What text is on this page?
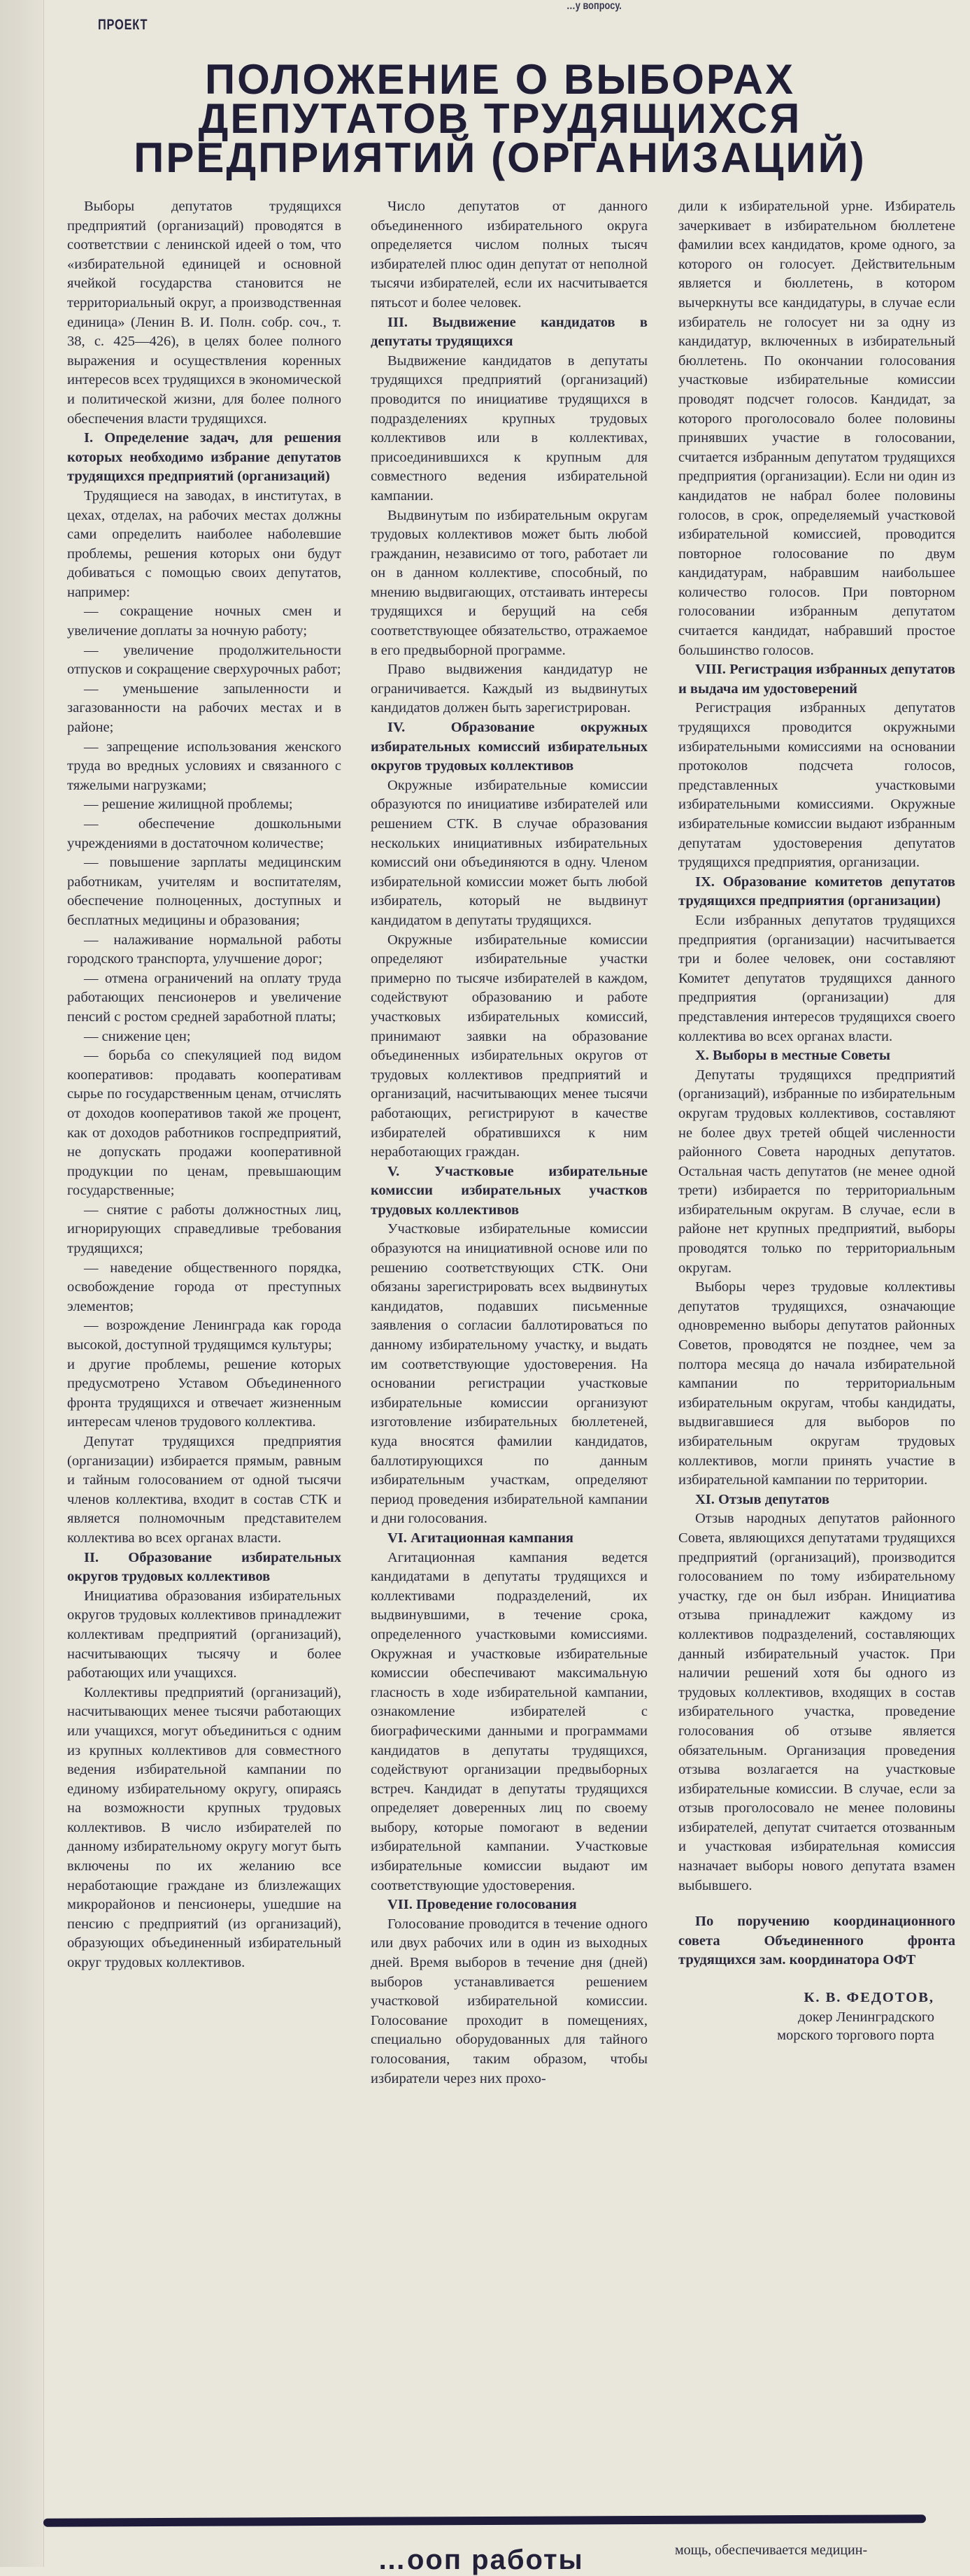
…у вопросу.
ПРОЕКТ
ПОЛОЖЕНИЕ О ВЫБОРАХ
ДЕПУТАТОВ ТРУДЯЩИХСЯ
ПРЕДПРИЯТИЙ (ОРГАНИЗАЦИЙ)

Выборы депутатов трудящихся предприятий (организаций) проводятся в соответствии с ленинской идеей о том, что «избирательной единицей и основной ячейкой государства становится не территориальный округ, а производственная единица» (Ленин В. И. Полн. собр. соч., т. 38, с. 425—426), в целях более полного выражения и осуществления коренных интересов всех трудящихся в экономической и политической жизни, для более полного обеспечения власти трудящихся.

I. Определение задач, для решения которых необходимо избрание депутатов трудящихся предприятий (организаций)

Трудящиеся на заводах, в институтах, в цехах, отделах, на рабочих местах должны сами определить наиболее наболевшие проблемы, решения которых они будут добиваться с помощью своих депутатов, например:

— сокращение ночных смен и увеличение доплаты за ночную работу;

— увеличение продолжительности отпусков и сокращение сверхурочных работ;

— уменьшение запыленности и загазованности на рабочих местах и в районе;

— запрещение использования женского труда во вредных условиях и связанного с тяжелыми нагрузками;

— решение жилищной проблемы;

— обеспечение дошкольными учреждениями в достаточном количестве;

— повышение зарплаты медицинским работникам, учителям и воспитателям, обеспечение полноценных, доступных и бесплатных медицины и образования;

— налаживание нормальной работы городского транспорта, улучшение дорог;

— отмена ограничений на оплату труда работающих пенсионеров и увеличение пенсий с ростом средней заработной платы;

— снижение цен;

— борьба со спекуляцией под видом кооперативов: продавать кооперативам сырье по государственным ценам, отчислять от доходов кооперативов такой же процент, как от доходов работников госпредприятий, не допускать продажи кооперативной продукции по ценам, превышающим государственные;

— снятие с работы должностных лиц, игнорирующих справедливые требования трудящихся;

— наведение общественного порядка, освобождение города от преступных элементов;

— возрождение Ленинграда как города высокой, доступной трудящимся культуры;

и другие проблемы, решение которых предусмотрено Уставом Объединенного фронта трудящихся и отвечает жизненным интересам членов трудового коллектива.

Депутат трудящихся предприятия (организации) избирается прямым, равным и тайным голосованием от одной тысячи членов коллектива, входит в состав СТК и является полномочным представителем коллектива во всех органах власти.

II. Образование избирательных округов трудовых коллективов

Инициатива образования избирательных округов трудовых коллективов принадлежит коллективам предприятий (организаций), насчитывающих тысячу и более работающих или учащихся.

Коллективы предприятий (организаций), насчитывающих менее тысячи работающих или учащихся, могут объединиться с одним из крупных коллективов для совместного ведения избирательной кампании по единому избирательному округу, опираясь на возможности крупных трудовых коллективов. В число избирателей по данному избирательному округу могут быть включены по их желанию все неработающие граждане из близлежащих микрорайонов и пенсионеры, ушедшие на пенсию с предприятий (из организаций), образующих объединенный избирательный округ трудовых коллективов.

Число депутатов от данного объединенного избирательного округа определяется числом полных тысяч избирателей плюс один депутат от неполной тысячи избирателей, если их насчитывается пятьсот и более человек.

III. Выдвижение кандидатов в депутаты трудящихся

Выдвижение кандидатов в депутаты трудящихся предприятий (организаций) проводится по инициативе трудящихся в подразделениях крупных трудовых коллективов или в коллективах, присоединившихся к крупным для совместного ведения избирательной кампании.

Выдвинутым по избирательным округам трудовых коллективов может быть любой гражданин, независимо от того, работает ли он в данном коллективе, способный, по мнению выдвигающих, отстаивать интересы трудящихся и берущий на себя соответствующее обязательство, отражаемое в его предвыборной программе.

Право выдвижения кандидатур не ограничивается. Каждый из выдвинутых кандидатов должен быть зарегистрирован.

IV. Образование окружных избирательных комиссий избирательных округов трудовых коллективов

Окружные избирательные комиссии образуются по инициативе избирателей или решением СТК. В случае образования нескольких инициативных избирательных комиссий они объединяются в одну. Членом избирательной комиссии может быть любой избиратель, который не выдвинут кандидатом в депутаты трудящихся.

Окружные избирательные комиссии определяют избирательные участки примерно по тысяче избирателей в каждом, содействуют образованию и работе участковых избирательных комиссий, принимают заявки на образование объединенных избирательных округов от трудовых коллективов предприятий и организаций, насчитывающих менее тысячи работающих, регистрируют в качестве избирателей обратившихся к ним неработающих граждан.

V. Участковые избирательные комиссии избирательных участков трудовых коллективов

Участковые избирательные комиссии образуются на инициативной основе или по решению соответствующих СТК. Они обязаны зарегистрировать всех выдвинутых кандидатов, подавших письменные заявления о согласии баллотироваться по данному избирательному участку, и выдать им соответствующие удостоверения. На основании регистрации участковые избирательные комиссии организуют изготовление избирательных бюллетеней, куда вносятся фамилии кандидатов, баллотирующихся по данным избирательным участкам, определяют период проведения избирательной кампании и дни голосования.

VI. Агитационная кампания

Агитационная кампания ведется кандидатами в депутаты трудящихся и коллективами подразделений, их выдвинувшими, в течение срока, определенного участковыми комиссиями. Окружная и участковые избирательные комиссии обеспечивают максимальную гласность в ходе избирательной кампании, ознакомление избирателей с биографическими данными и программами кандидатов в депутаты трудящихся, содействуют организации предвыборных встреч. Кандидат в депутаты трудящихся определяет доверенных лиц по своему выбору, которые помогают в ведении избирательной кампании. Участковые избирательные комиссии выдают им соответствующие удостоверения.

VII. Проведение голосования

Голосование проводится в течение одного или двух рабочих или в один из выходных дней. Время выборов в течение дня (дней) выборов устанавливается решением участковой избирательной комиссии. Голосование проходит в помещениях, специально оборудованных для тайного голосования, таким образом, чтобы избиратели через них прохо-

дили к избирательной урне. Избиратель зачеркивает в избирательном бюллетене фамилии всех кандидатов, кроме одного, за которого он голосует. Действительным является и бюллетень, в котором вычеркнуты все кандидатуры, в случае если избиратель не голосует ни за одну из кандидатур, включенных в избирательный бюллетень. По окончании голосования участковые избирательные комиссии проводят подсчет голосов. Кандидат, за которого проголосовало более половины принявших участие в голосовании, считается избранным депутатом трудящихся предприятия (организации). Если ни один из кандидатов не набрал более половины голосов, в срок, определяемый участковой избирательной комиссией, проводится повторное голосование по двум кандидатурам, набравшим наибольшее количество голосов. При повторном голосовании избранным депутатом считается кандидат, набравший простое большинство голосов.

VIII. Регистрация избранных депутатов и выдача им удостоверений

Регистрация избранных депутатов трудящихся проводится окружными избирательными комиссиями на основании протоколов подсчета голосов, представленных участковыми избирательными комиссиями. Окружные избирательные комиссии выдают избранным депутатам удостоверения депутатов трудящихся предприятия, организации.

IX. Образование комитетов депутатов трудящихся предприятия (организации)

Если избранных депутатов трудящихся предприятия (организации) насчитывается три и более человек, они составляют Комитет депутатов трудящихся данного предприятия (организации) для представления интересов трудящихся своего коллектива во всех органах власти.

X. Выборы в местные Советы

Депутаты трудящихся предприятий (организаций), избранные по избирательным округам трудовых коллективов, составляют не более двух третей общей численности районного Совета народных депутатов. Остальная часть депутатов (не менее одной трети) избирается по территориальным избирательным округам. В случае, если в районе нет крупных предприятий, выборы проводятся только по территориальным округам.

Выборы через трудовые коллективы депутатов трудящихся, означающие одновременно выборы депутатов районных Советов, проводятся не позднее, чем за полтора месяца до начала избирательной кампании по территориальным избирательным округам, чтобы кандидаты, выдвигавшиеся для выборов по избирательным округам трудовых коллективов, могли принять участие в избирательной кампании по территории.

XI. Отзыв депутатов

Отзыв народных депутатов районного Совета, являющихся депутатами трудящихся предприятий (организаций), производится голосованием по тому избирательному участку, где он был избран. Инициатива отзыва принадлежит каждому из коллективов подразделений, составляющих данный избирательный участок. При наличии решений хотя бы одного из трудовых коллективов, входящих в состав избирательного участка, проведение голосования об отзыве является обязательным. Организация проведения отзыва возлагается на участковые избирательные комиссии. В случае, если за отзыв проголосовало не менее половины избирателей, депутат считается отозванным и участковая избирательная комиссия назначает выборы нового депутата взамен выбывшего.

По поручению координационного совета Объединенного фронта трудящихся зам. координатора ОФТ

К. В. ФЕДОТОВ,
докер Ленинградского
морского торгового порта
…ооп работы	мощь, обеспечивается медицин-
